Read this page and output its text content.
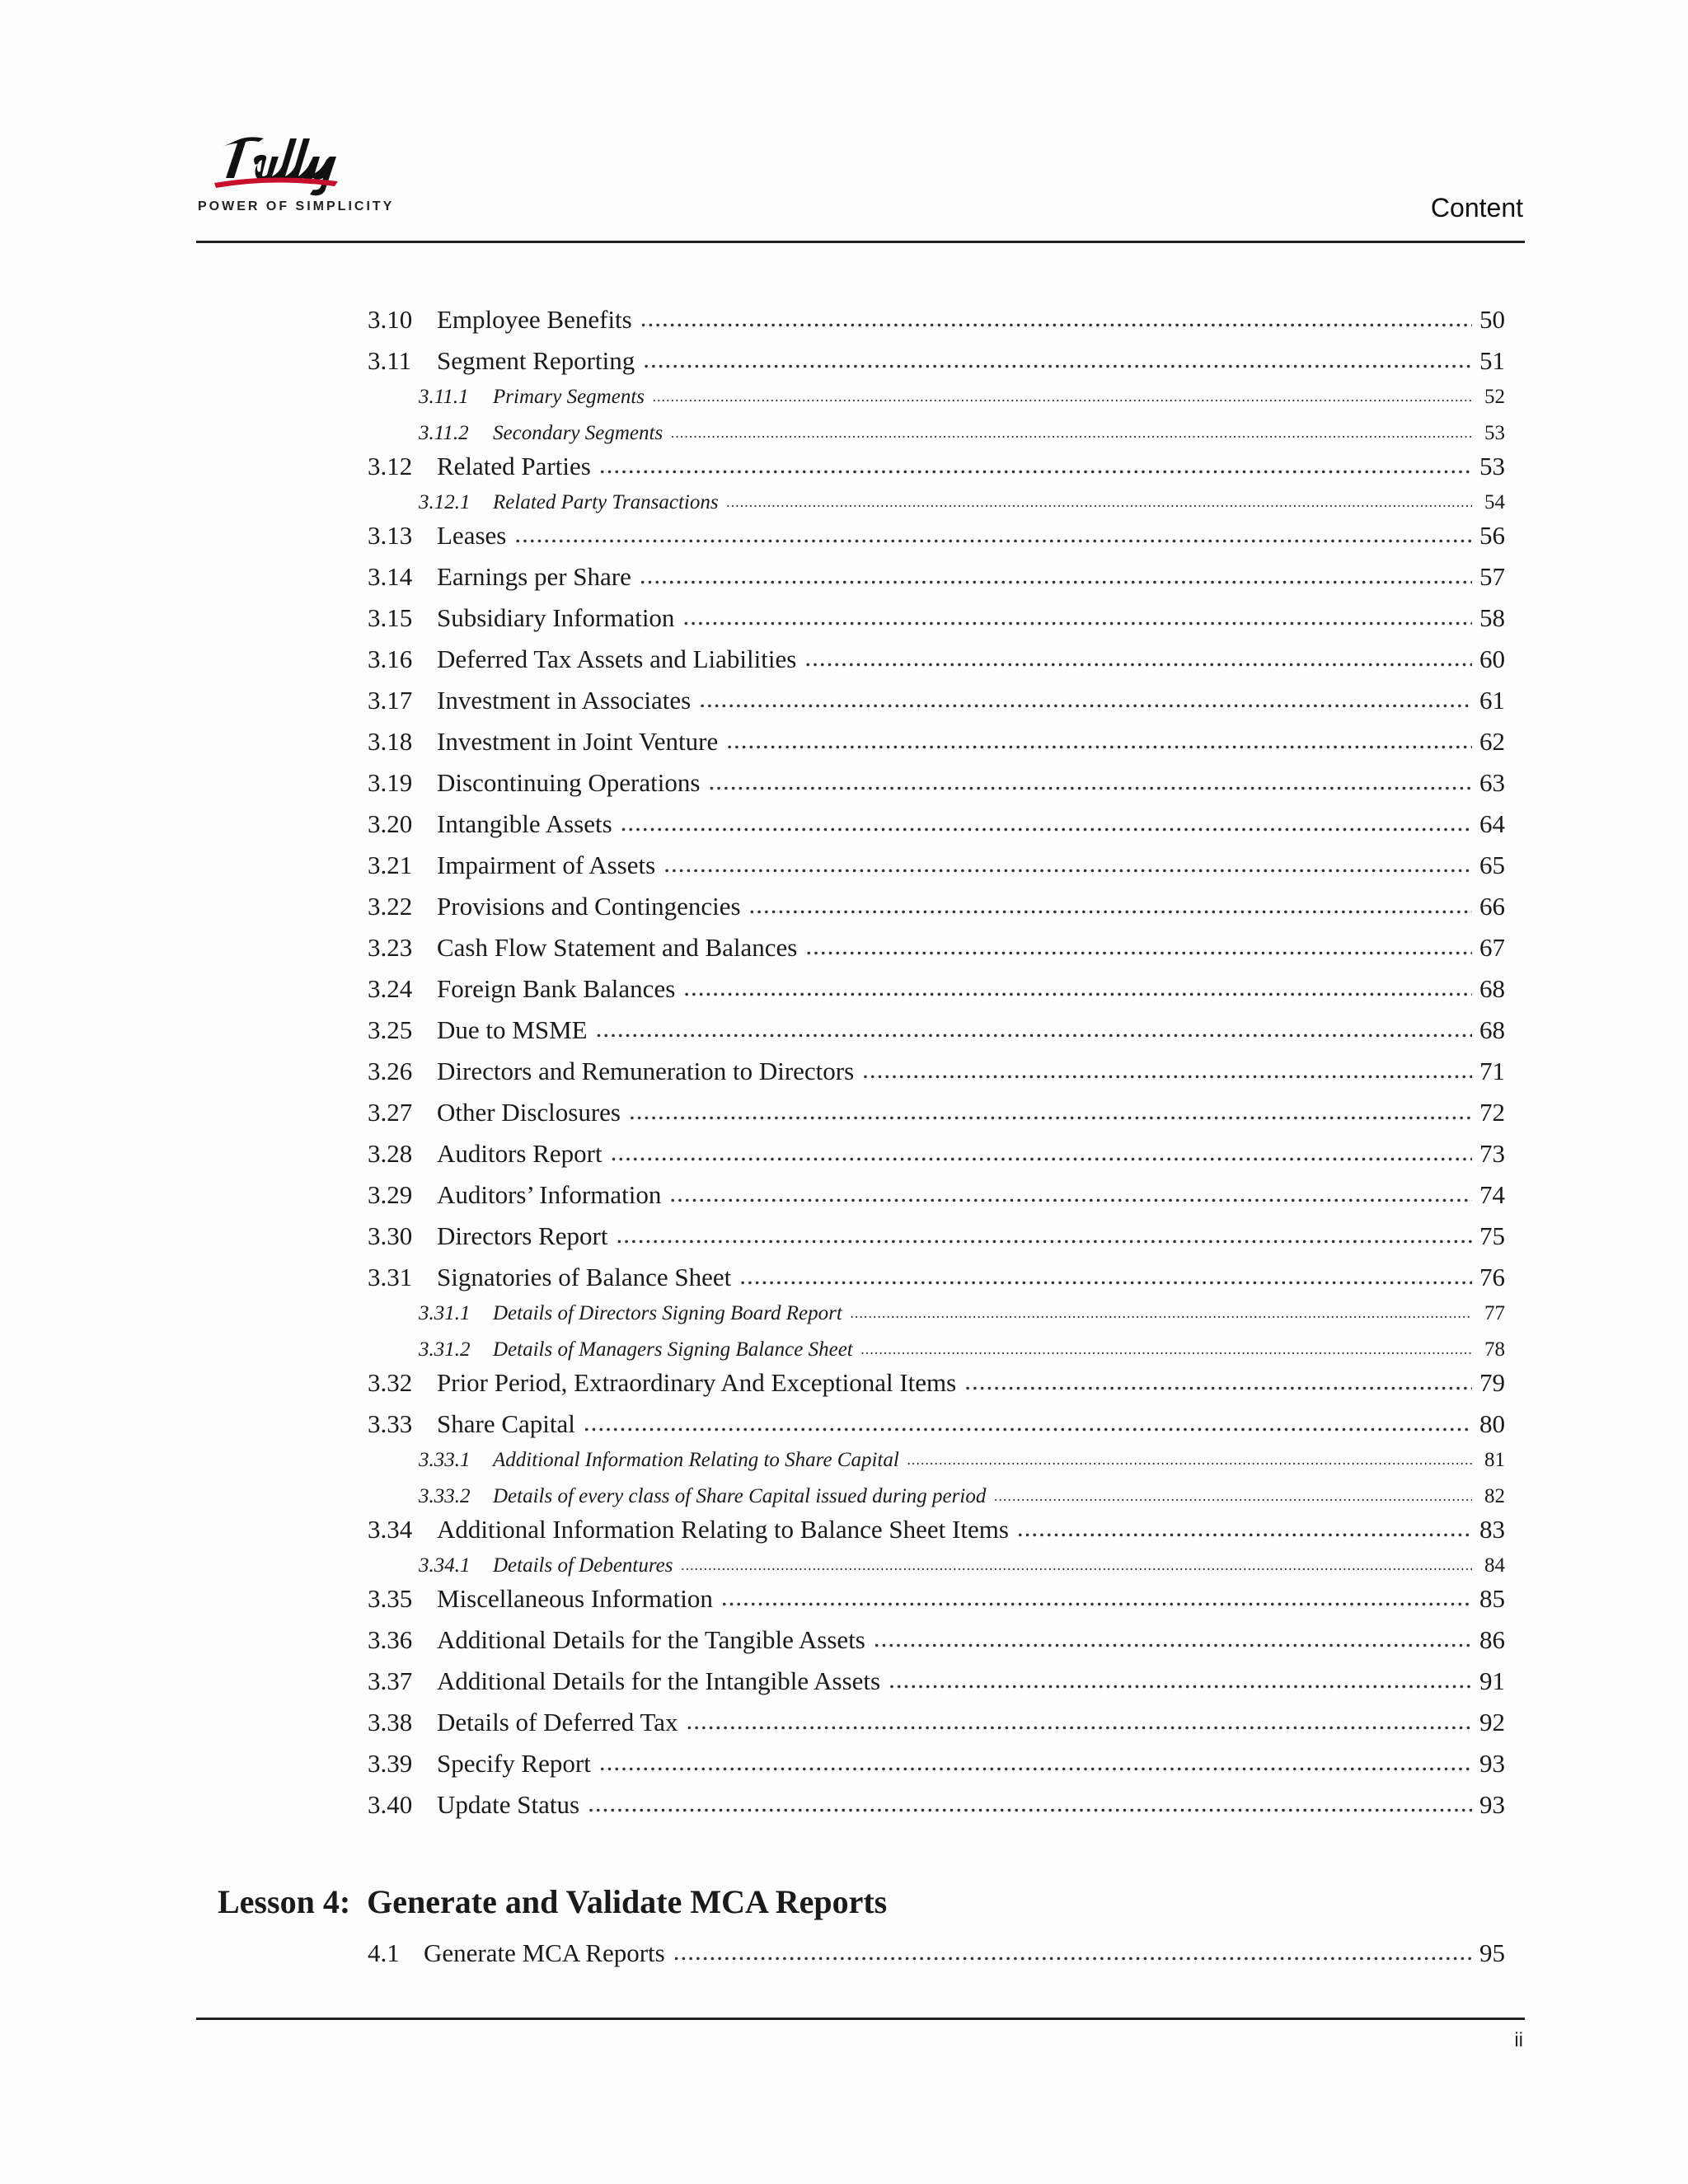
POWER OF SIMPLICITY	Content
3.10 Employee Benefits .....	50
3.11 Segment Reporting .....	51
3.11.1	Primary Segments .....	52
3.11.2	Secondary Segments .....	53
3.12 Related Parties .....	53
3.12.1	Related Party Transactions .....	54
3.13 Leases .....	56
3.14 Earnings per Share .....	57
3.15 Subsidiary Information .....	58
3.16 Deferred Tax Assets and Liabilities .....	60
3.17 Investment in Associates .....	61
3.18 Investment in Joint Venture .....	62
3.19 Discontinuing Operations .....	63
3.20 Intangible Assets .....	64
3.21 Impairment of Assets .....	65
3.22 Provisions and Contingencies .....	66
3.23 Cash Flow Statement and Balances .....	67
3.24 Foreign Bank Balances .....	68
3.25 Due to MSME .....	68
3.26 Directors and Remuneration to Directors .....	71
3.27 Other Disclosures .....	72
3.28 Auditors Report .....	73
3.29 Auditors’ Information .....	74
3.30 Directors Report .....	75
3.31 Signatories of Balance Sheet .....	76
3.31.1	Details of Directors Signing Board Report .....	77
3.31.2	Details of Managers Signing Balance Sheet .....	78
3.32 Prior Period, Extraordinary And Exceptional Items .....	79
3.33 Share Capital .....	80
3.33.1	Additional Information Relating to Share Capital .....	81
3.33.2	Details of every class of Share Capital issued during period .....	82
3.34 Additional Information Relating to Balance Sheet Items .....	83
3.34.1	Details of Debentures .....	84
3.35 Miscellaneous Information .....	85
3.36 Additional Details for the Tangible Assets .....	86
3.37 Additional Details for the Intangible Assets .....	91
3.38 Details of Deferred Tax .....	92
3.39 Specify Report .....	93
3.40 Update Status .....	93
Lesson 4: Generate and Validate MCA Reports
4.1 Generate MCA Reports .....	95
ii
